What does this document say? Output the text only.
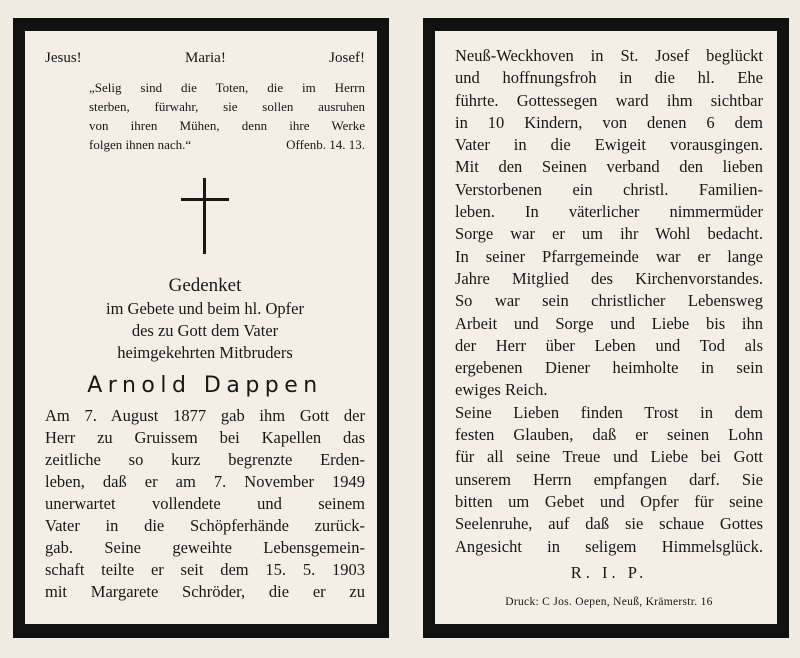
Jesus!	Maria!	Josef!
„Selig sind die Toten, die im Herrn
sterben, fürwahr, sie sollen ausruhen
von ihren Mühen, denn ihre Werke
folgen ihnen nach.“	Offenb. 14. 13.
Gedenket
im Gebete und beim hl. Opfer
des zu Gott dem Vater
heimgekehrten Mitbruders
Arnold Dappen
Am 7. August 1877 gab ihm Gott der
Herr zu Gruissem bei Kapellen das
zeitliche so kurz begrenzte Erden-
leben, daß er am 7. November 1949
unerwartet vollendete und seinem
Vater in die Schöpferhände zurück-
gab. Seine geweihte Lebensgemein-
schaft teilte er seit dem 15. 5. 1903
mit Margarete Schröder, die er zu
Neuß-Weckhoven in St. Josef beglückt
und hoffnungsfroh in die hl. Ehe
führte. Gottessegen ward ihm sichtbar
in 10 Kindern, von denen 6 dem
Vater in die Ewigeit vorausgingen.
Mit den Seinen verband den lieben
Verstorbenen ein christl. Familien-
leben. In väterlicher nimmermüder
Sorge war er um ihr Wohl bedacht.
In seiner Pfarrgemeinde war er lange
Jahre Mitglied des Kirchenvorstandes.
So war sein christlicher Lebensweg
Arbeit und Sorge und Liebe bis ihn
der Herr über Leben und Tod als
ergebenen Diener heimholte in sein
ewiges Reich.
Seine Lieben finden Trost in dem
festen Glauben, daß er seinen Lohn
für all seine Treue und Liebe bei Gott
unserem Herrn empfangen darf. Sie
bitten um Gebet und Opfer für seine
Seelenruhe, auf daß sie schaue Gottes
Angesicht in seligem Himmelsglück.
R. I. P.
Druck: C Jos. Oepen, Neuß, Krämerstr. 16
